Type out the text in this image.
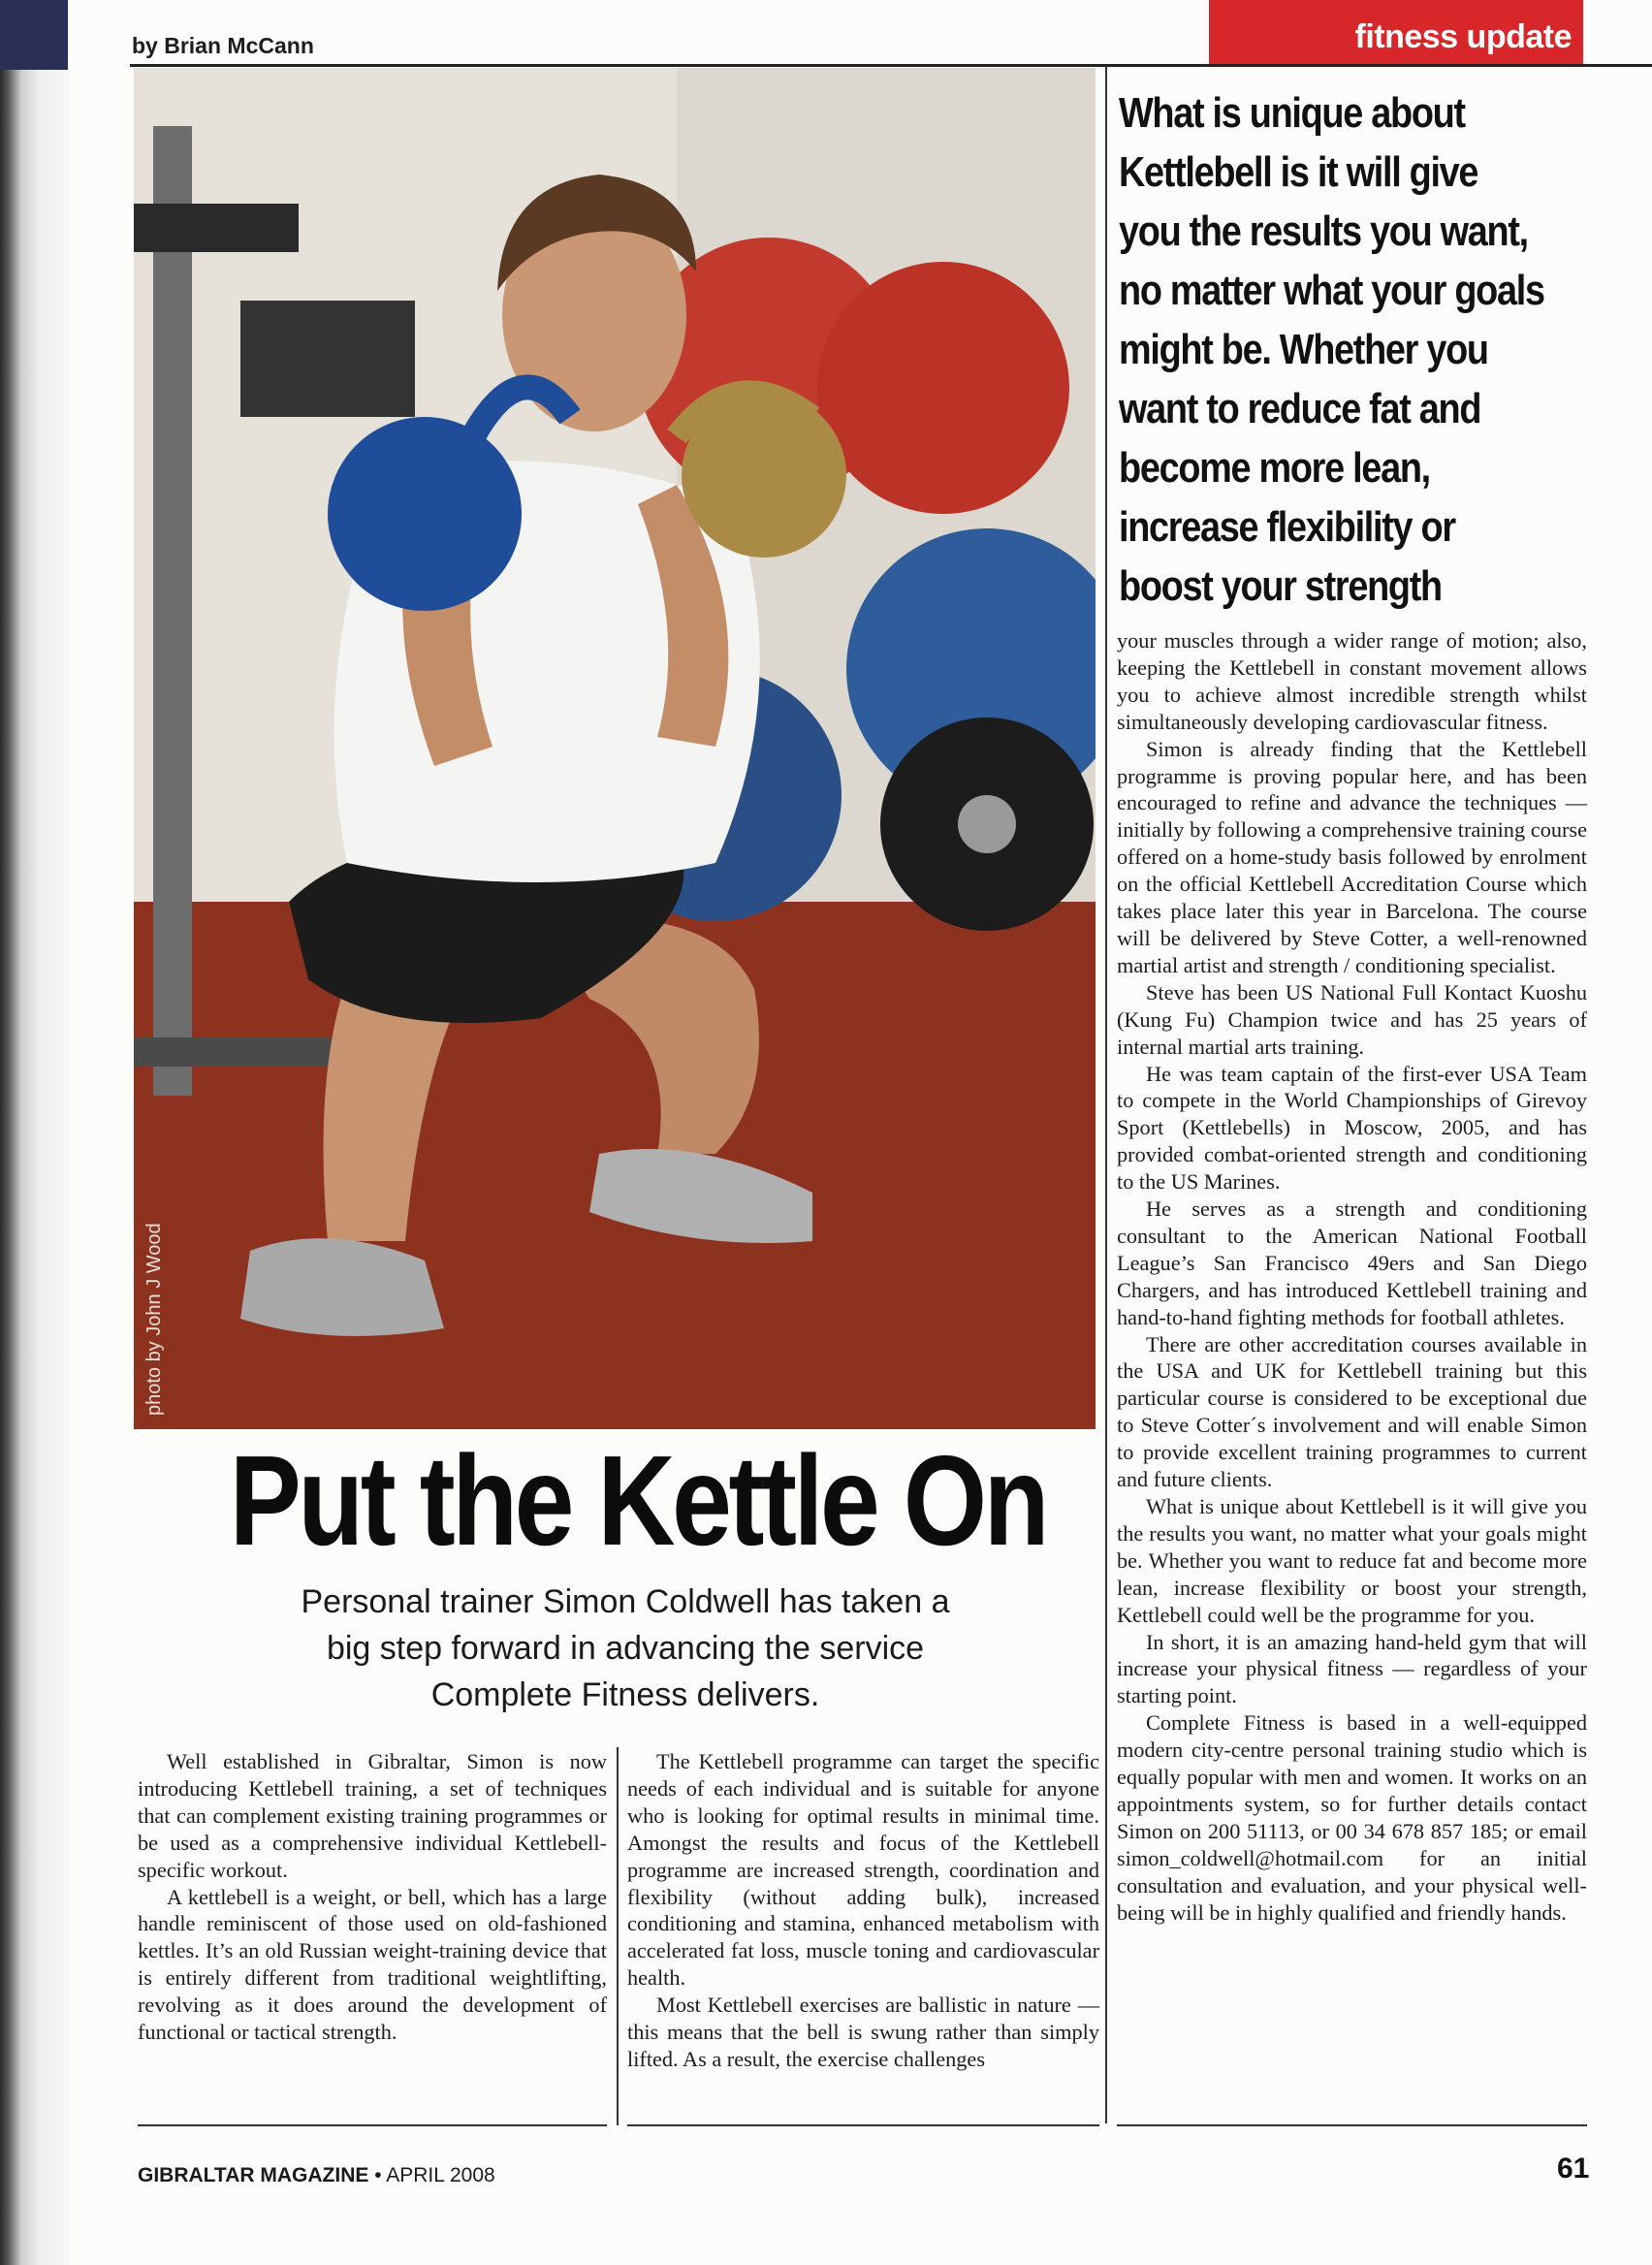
by Brian McCann	fitness update
photo by John J Wood
What is unique about
Kettlebell is it will give
you the results you want,
no matter what your goals
might be. Whether you
want to reduce fat and
become more lean,
increase flexibility or
boost your strength
Put the Kettle On
Personal trainer Simon Coldwell has taken a
big step forward in advancing the service
Complete Fitness delivers.

Well established in Gibraltar, Simon is now introducing Kettlebell training, a set of techniques that can complement existing training programmes or be used as a comprehensive individual Kettlebell-specific workout.

A kettlebell is a weight, or bell, which has a large handle reminiscent of those used on old-fashioned kettles. It’s an old Russian weight-training device that is entirely different from traditional weightlifting, revolving as it does around the development of functional or tactical strength.

The Kettlebell programme can target the specific needs of each individual and is suitable for anyone who is looking for optimal results in minimal time. Amongst the results and focus of the Kettlebell programme are increased strength, coordination and flexibility (without adding bulk), increased conditioning and stamina, enhanced metabolism with accelerated fat loss, muscle toning and cardiovascular health.

Most Kettlebell exercises are ballistic in nature — this means that the bell is swung rather than simply lifted. As a result, the exercise challenges

your muscles through a wider range of motion; also, keeping the Kettlebell in constant movement allows you to achieve almost incredible strength whilst simultaneously developing cardiovascular fitness.

Simon is already finding that the Kettlebell programme is proving popular here, and has been encouraged to refine and advance the techniques — initially by following a comprehensive training course offered on a home-study basis followed by enrolment on the official Kettlebell Accreditation Course which takes place later this year in Barcelona. The course will be delivered by Steve Cotter, a well-renowned martial artist and strength / conditioning specialist.

Steve has been US National Full Kontact Kuoshu (Kung Fu) Champion twice and has 25 years of internal martial arts training.

He was team captain of the first-ever USA Team to compete in the World Championships of Girevoy Sport (Kettlebells) in Moscow, 2005, and has provided combat-oriented strength and conditioning to the US Marines.

He serves as a strength and conditioning consultant to the American National Football League’s San Francisco 49ers and San Diego Chargers, and has introduced Kettlebell training and hand-to-hand fighting methods for football athletes.

There are other accreditation courses available in the USA and UK for Kettlebell training but this particular course is considered to be exceptional due to Steve Cotter´s involvement and will enable Simon to provide excellent training programmes to current and future clients.

What is unique about Kettlebell is it will give you the results you want, no matter what your goals might be. Whether you want to reduce fat and become more lean, increase flexibility or boost your strength, Kettlebell could well be the programme for you.

In short, it is an amazing hand-held gym that will increase your physical fitness — regardless of your starting point.

Complete Fitness is based in a well-equipped modern city-centre personal training studio which is equally popular with men and women. It works on an appointments system, so for further details contact Simon on 200 51113, or 00 34 678 857 185; or email simon_coldwell@hotmail.com for an initial consultation and evaluation, and your physical well-being will be in highly qualified and friendly hands.

GIBRALTAR MAGAZINE • APRIL 2008	61
